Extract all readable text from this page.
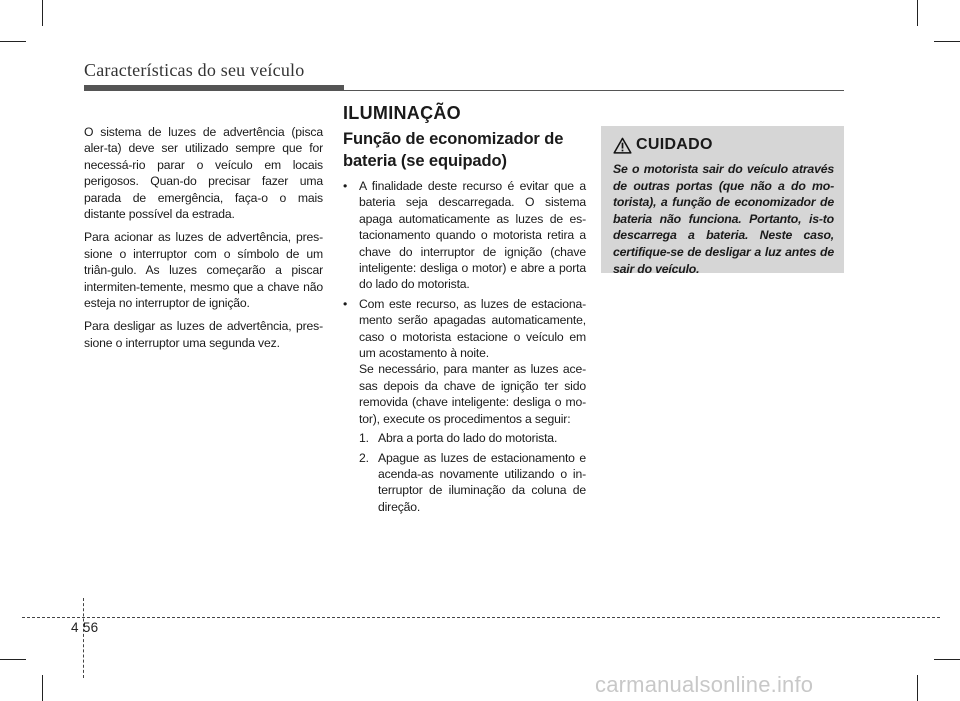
Características do seu veículo

O sistema de luzes de advertência (pisca aler-ta) deve ser utilizado sempre que for necessá-rio parar o veículo em locais perigosos. Quan-do precisar fazer uma parada de emergência, faça-o o mais distante possível da estrada.

Para acionar as luzes de advertência, pres-sione o interruptor com o símbolo de um triân-gulo. As luzes começarão a piscar intermiten-temente, mesmo que a chave não esteja no interruptor de ignição.

Para desligar as luzes de advertência, pres-sione o interruptor uma segunda vez.

ILUMINAÇÃO
Função de economizador de bateria (se equipado)
• A finalidade deste recurso é evitar que a bateria seja descarregada. O sistema apaga automaticamente as luzes de es-tacionamento quando o motorista retira a chave do interruptor de ignição (chave inteligente: desliga o motor) e abre a porta do lado do motorista.

• Com este recurso, as luzes de estaciona-mento serão apagadas automaticamente, caso o motorista estacione o veículo em um acostamento à noite.

Se necessário, para manter as luzes ace-sas depois da chave de ignição ter sido removida (chave inteligente: desliga o mo-tor), execute os procedimentos a seguir:

1. Abra a porta do lado do motorista.
2. Apague as luzes de estacionamento e acenda-as novamente utilizando o in-terruptor de iluminação da coluna de direção.
CUIDADO

Se o motorista sair do veículo através de outras portas (que não a do mo-torista), a função de economizador de bateria não funciona. Portanto, is-to descarrega a bateria. Neste caso, certifique-se de desligar a luz antes de sair do veículo.

4 56
carmanualsonline.info
